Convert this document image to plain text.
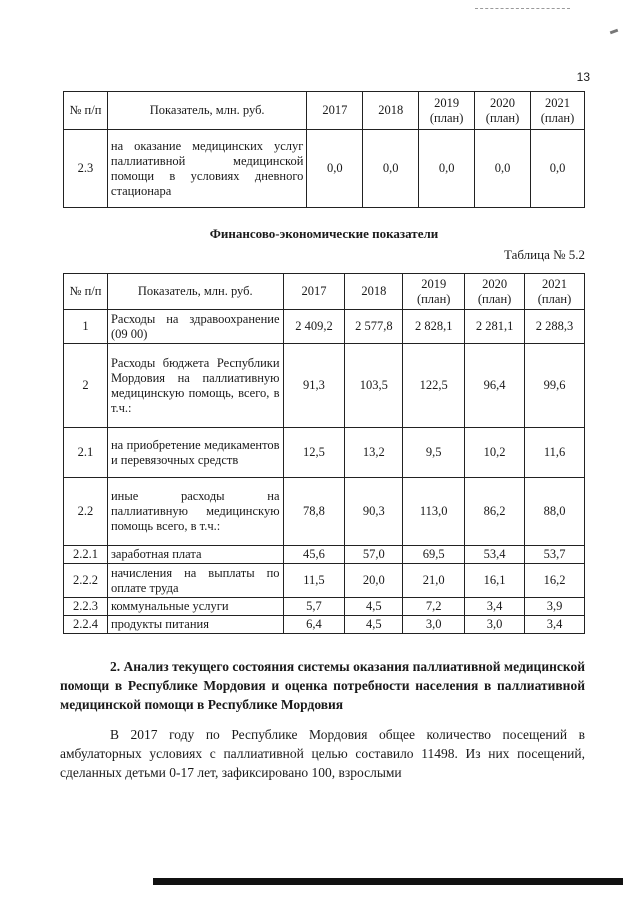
13
№ п/п	Показатель, млн. руб.	2017	2018	2019 (план)	2020 (план)	2021 (план)
2.3	на оказание медицинских услуг паллиативной медицинской помощи в условиях дневного стационара	0,0	0,0	0,0	0,0	0,0
Финансово-экономические показатели
Таблица № 5.2
№ п/п	Показатель, млн. руб.	2017	2018	2019 (план)	2020 (план)	2021 (план)
1	Расходы на здравоохранение (09 00)	2 409,2	2 577,8	2 828,1	2 281,1	2 288,3
2	Расходы бюджета Республики Мордовия на паллиативную медицинскую помощь, всего, в т.ч.:	91,3	103,5	122,5	96,4	99,6
2.1	на приобретение медикаментов и перевязочных средств	12,5	13,2	9,5	10,2	11,6
2.2	иные расходы на паллиативную медицинскую помощь всего, в т.ч.:	78,8	90,3	113,0	86,2	88,0
2.2.1	заработная плата	45,6	57,0	69,5	53,4	53,7
2.2.2	начисления на выплаты по оплате труда	11,5	20,0	21,0	16,1	16,2
2.2.3	коммунальные услуги	5,7	4,5	7,2	3,4	3,9
2.2.4	продукты питания	6,4	4,5	3,0	3,0	3,4
2. Анализ текущего состояния системы оказания паллиативной медицинской помощи в Республике Мордовия и оценка потребности населения в паллиативной медицинской помощи в Республике Мордовия
В 2017 году по Республике Мордовия общее количество посещений в амбулаторных условиях с паллиативной целью составило 11498. Из них посещений, сделанных детьми 0-17 лет, зафиксировано 100, взрослыми
